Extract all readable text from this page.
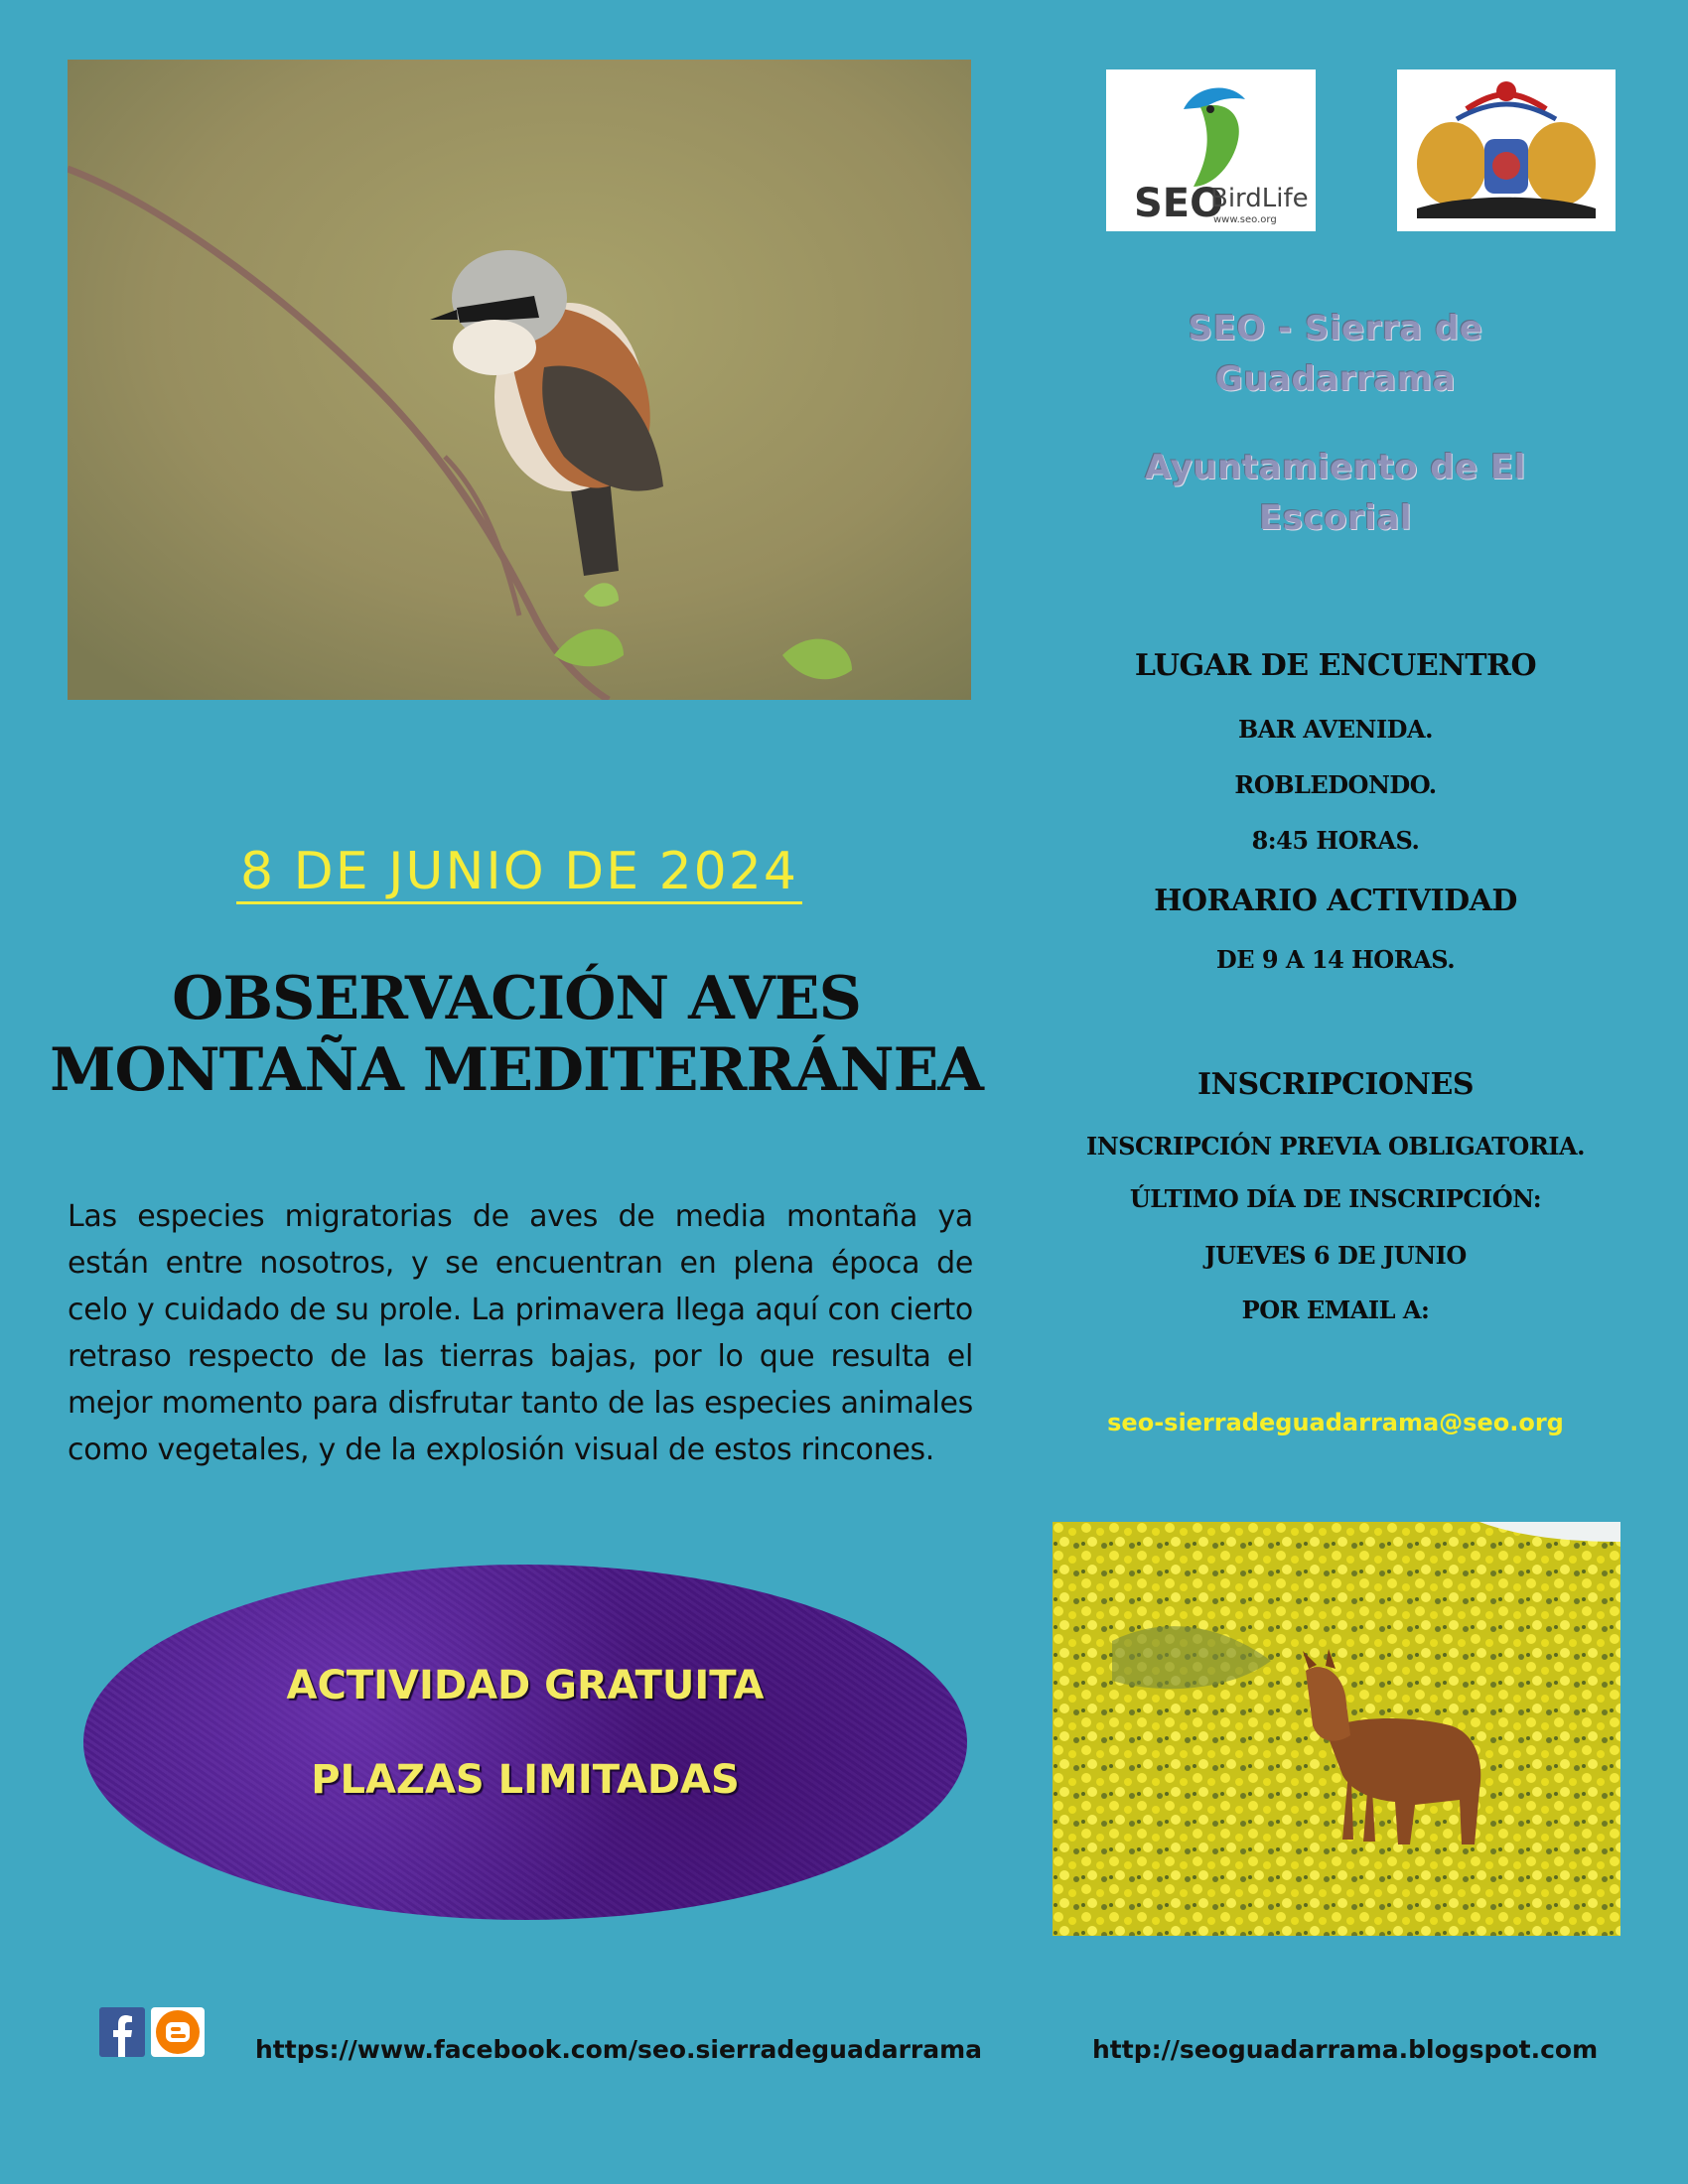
SEO
BirdLife
www.seo.org
SEO - Sierra de Guadarrama
Ayuntamiento de El Escorial
LUGAR DE ENCUENTRO
BAR AVENIDA.
ROBLEDONDO.
8:45 HORAS.
HORARIO ACTIVIDAD
DE 9 A 14 HORAS.
INSCRIPCIONES
INSCRIPCIÓN PREVIA OBLIGATORIA.
ÚLTIMO DÍA DE INSCRIPCIÓN:
JUEVES 6 DE JUNIO
POR EMAIL A:
seo-sierradeguadarrama@seo.org
8 DE JUNIO DE 2024
OBSERVACIÓN AVES
MONTAÑA MEDITERRÁNEA
Las especies migratorias de aves de media montaña ya están entre nosotros, y se encuentran en plena época de celo y cuidado de su prole. La primavera llega aquí con cierto retraso respecto de las tierras bajas, por lo que resulta el mejor momento para disfrutar tanto de las especies animales como vegetales, y de la explosión visual de estos rincones.
ACTIVIDAD GRATUITA
PLAZAS LIMITADAS
https://www.facebook.com/seo.sierradeguadarrama	http://seoguadarrama.blogspot.com
